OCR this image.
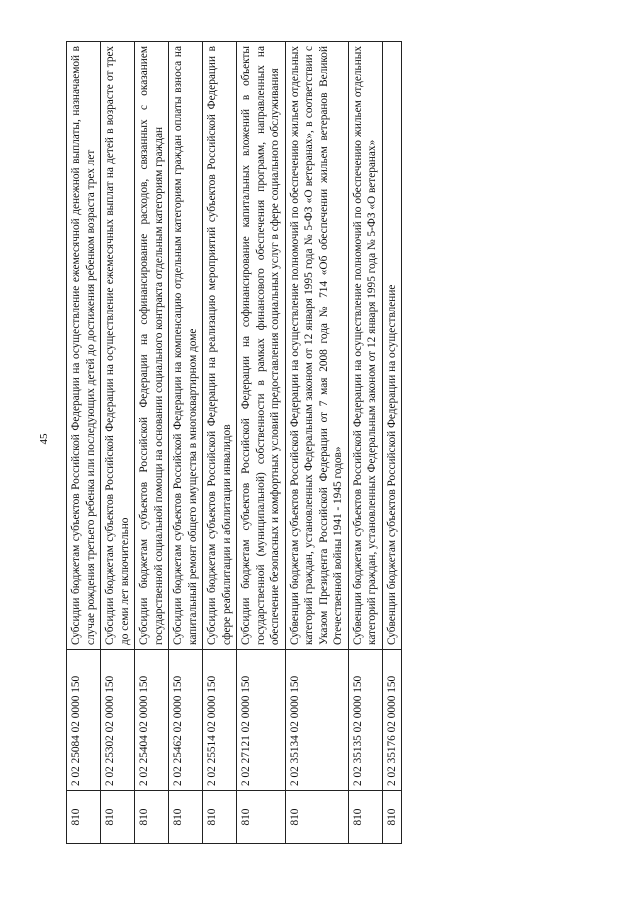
45
810	2 02 25084 02 0000 150	Субсидии бюджетам субъектов Российской Федерации на осуществление ежемесячной денежной выплаты, назначаемой в случае рождения третьего ребенка или последующих детей до достижения ребенком возраста трех лет
810	2 02 25302 02 0000 150	Субсидии бюджетам субъектов Российской Федерации на осуществление ежемесячных выплат на детей в возрасте от трех до семи лет включительно
810	2 02 25404 02 0000 150	Субсидии бюджетам субъектов Российской Федерации на софинансирование расходов, связанных с оказанием государственной социальной помощи на основании социального контракта отдельным категориям граждан
810	2 02 25462 02 0000 150	Субсидии бюджетам субъектов Российской Федерации на компенсацию отдельным категориям граждан оплаты взноса на капитальный ремонт общего имущества в многоквартирном доме
810	2 02 25514 02 0000 150	Субсидии бюджетам субъектов Российской Федерации на реализацию мероприятий субъектов Российской Федерации в сфере реабилитации и абилитации инвалидов
810	2 02 27121 02 0000 150	Субсидии бюджетам субъектов Российской Федерации на софинансирование капитальных вложений в объекты государственной (муниципальной) собственности в рамках финансового обеспечения программ, направленных на обеспечение безопасных и комфортных условий предоставления социальных услуг в сфере социального обслуживания
810	2 02 35134 02 0000 150	Субвенции бюджетам субъектов Российской Федерации на осуществление полномочий по обеспечению жильем отдельных категорий граждан, установленных Федеральным законом от 12 января 1995 года № 5-ФЗ «О ветеранах», в соответствии с Указом Президента Российской Федерации от 7 мая 2008 года № 714 «Об обеспечении жильем ветеранов Великой Отечественной войны 1941 - 1945 годов»
810	2 02 35135 02 0000 150	Субвенции бюджетам субъектов Российской Федерации на осуществление полномочий по обеспечению жильем отдельных категорий граждан, установленных Федеральным законом от 12 января 1995 года № 5-ФЗ «О ветеранах»
810	2 02 35176 02 0000 150	Субвенции бюджетам субъектов Российской Федерации на осуществление
